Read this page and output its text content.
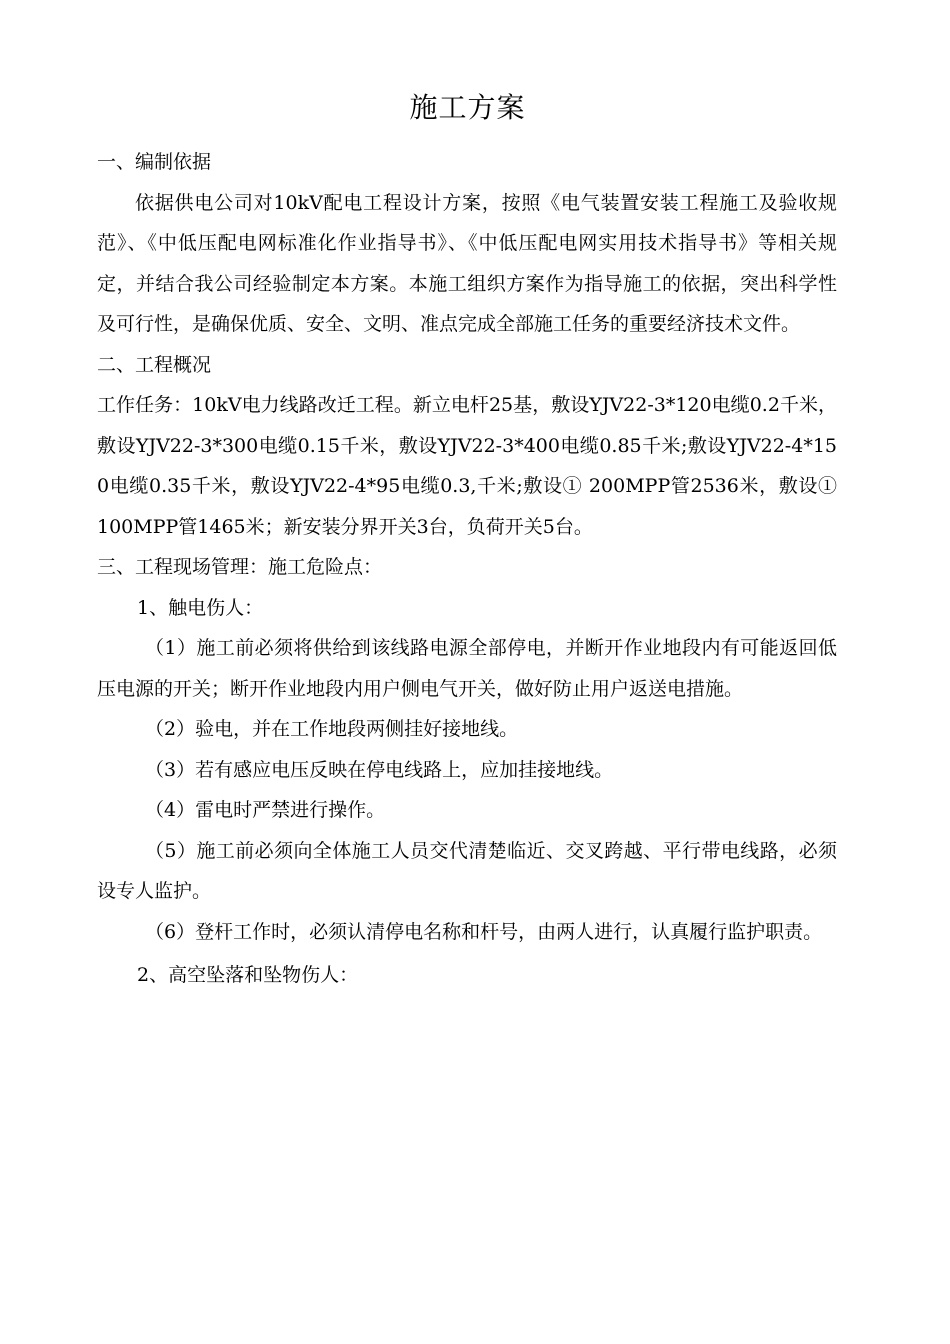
施工方案

一、编制依据

依据供电公司对10kV配电工程设计方案，按照《电气装置安装工程施工及验收规范》、《中低压配电网标准化作业指导书》、《中低压配电网实用技术指导书》等相关规定，并结合我公司经验制定本方案。本施工组织方案作为指导施工的依据，突出科学性及可行性，是确保优质、安全、文明、准点完成全部施工任务的重要经济技术文件。

二、工程概况

工作任务：10kV电力线路改迁工程。新立电杆25基，敷设YJV22-3*120电缆0.2千米，敷设YJV22-3*300电缆0.15千米，敷设YJV22-3*400电缆0.85千米;敷设YJV22-4*150电缆0.35千米，敷设YJV22-4*95电缆0.3,千米;敷设① 200MPP管2536米，敷设① 100MPP管1465米；新安装分界开关3台，负荷开关5台。

三、工程现场管理：施工危险点：

1、触电伤人：

（1）施工前必须将供给到该线路电源全部停电，并断开作业地段内有可能返回低压电源的开关；断开作业地段内用户侧电气开关，做好防止用户返送电措施。

（2）验电，并在工作地段两侧挂好接地线。

（3）若有感应电压反映在停电线路上，应加挂接地线。

（4）雷电时严禁进行操作。

（5）施工前必须向全体施工人员交代清楚临近、交叉跨越、平行带电线路，必须设专人监护。

（6）登杆工作时，必须认清停电名称和杆号，由两人进行，认真履行监护职责。

2、高空坠落和坠物伤人：
